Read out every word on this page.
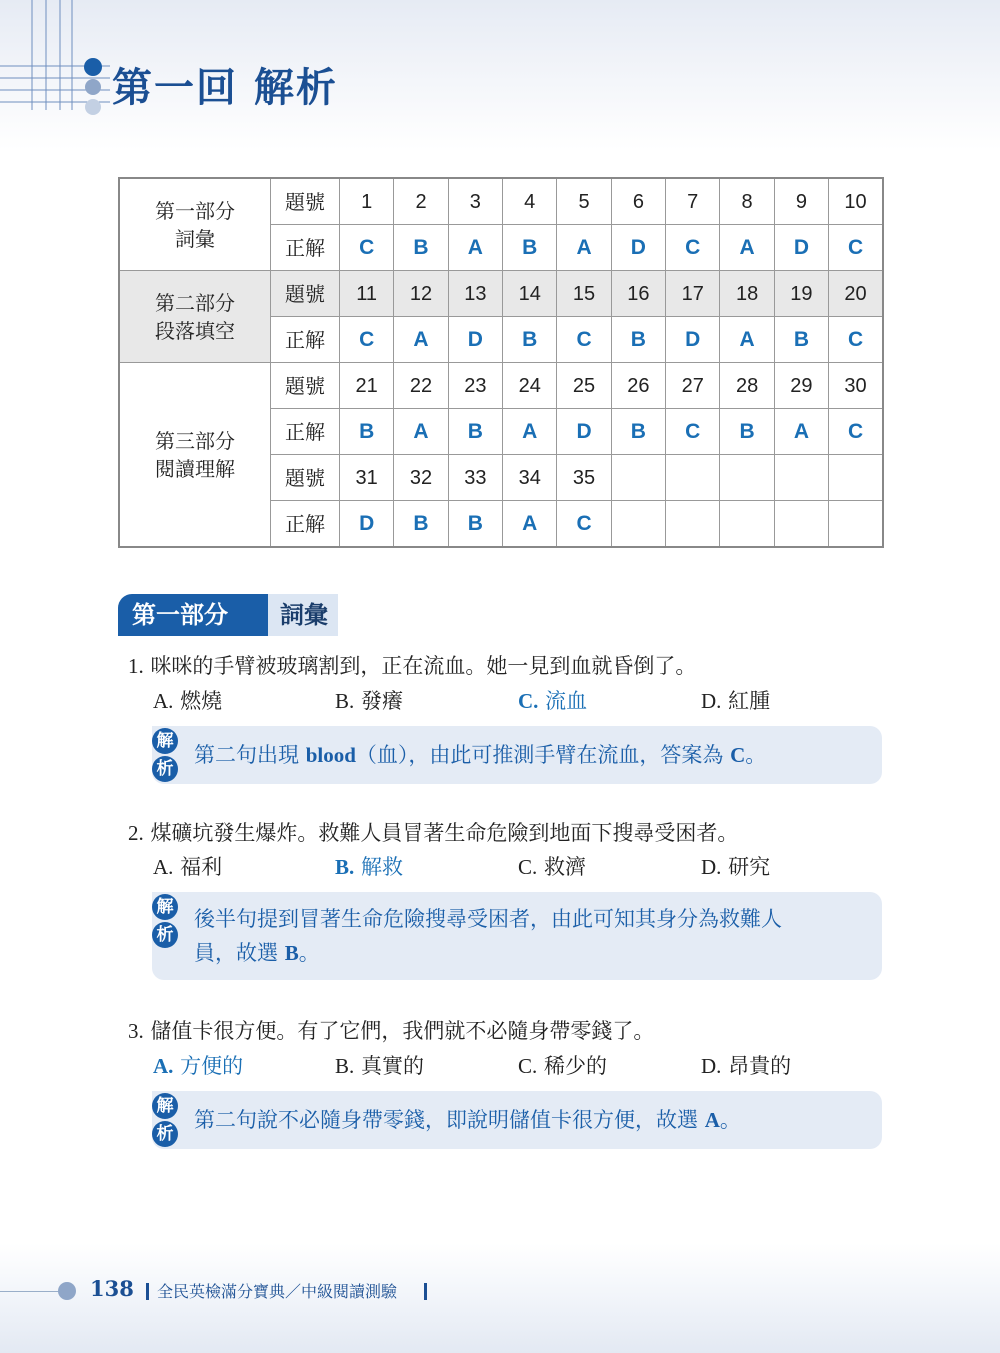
第一回 解析
第一部分
詞彙	題號	1	2	3	4	5	6	7	8	9	10
	正解	C	B	A	B	A	D	C	A	D	C

第二部分
段落填空	題號	11	12	13	14	15	16	17	18	19	20
	正解	C	A	D	B	C	B	D	A	B	C

第三部分
閱讀理解	題號	21	22	23	24	25	26	27	28	29	30
	正解	B	A	B	A	D	B	C	B	A	C
	題號	31	32	33	34	35					
	正解	D	B	B	A	C					
第一部分	詞彙
1. 咪咪的手臂被玻璃割到，正在流血。她一見到血就昏倒了。
A. 燃燒	B. 發癢	C. 流血	D. 紅腫
解
析
第二句出現 blood（血），由此可推測手臂在流血，答案為 C。
2. 煤礦坑發生爆炸。救難人員冒著生命危險到地面下搜尋受困者。
A. 福利	B. 解救	C. 救濟	D. 研究
解
析
後半句提到冒著生命危險搜尋受困者，由此可知其身分為救難人
員，故選 B。
3. 儲值卡很方便。有了它們，我們就不必隨身帶零錢了。
A. 方便的	B. 真實的	C. 稀少的	D. 昂貴的
解
析
第二句說不必隨身帶零錢，即說明儲值卡很方便，故選 A。
138 全民英檢滿分寶典／中級閱讀測驗
